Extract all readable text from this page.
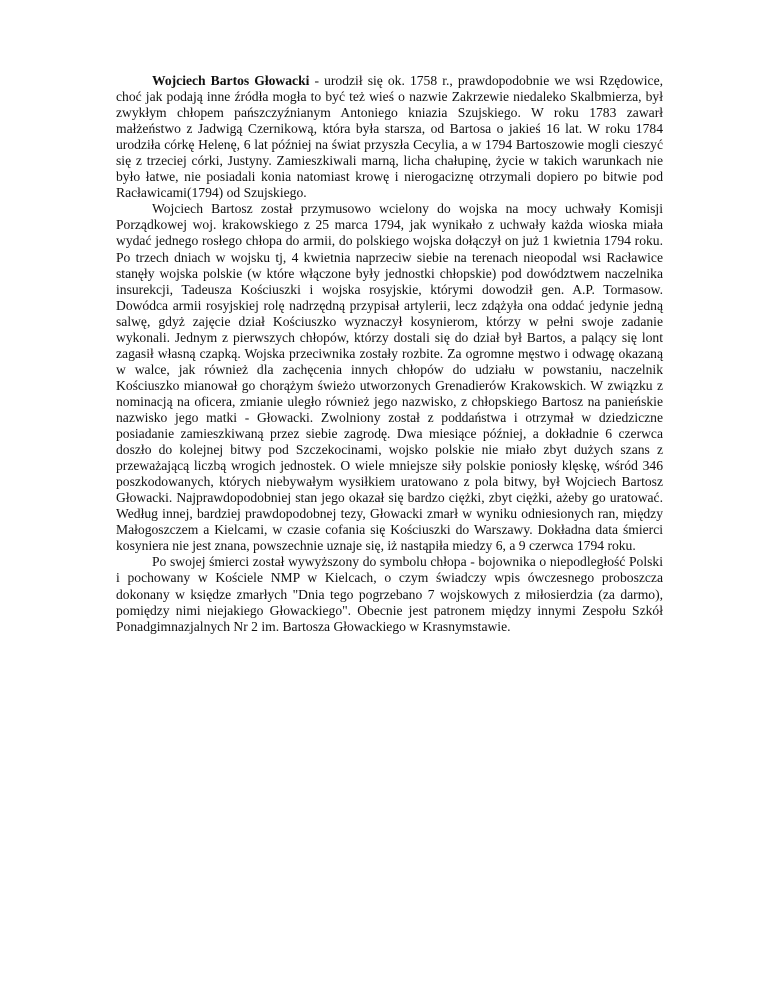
Wojciech Bartos Głowacki - urodził się ok. 1758 r., prawdopodobnie we wsi Rzędowice, choć jak podają inne źródła mogła to być też wieś o nazwie Zakrzewie niedaleko Skalbmierza, był zwykłym chłopem pańszczyźnianym Antoniego kniazia Szujskiego. W roku 1783 zawarł małżeństwo z Jadwigą Czernikową, która była starsza, od Bartosa o jakieś 16 lat. W roku 1784 urodziła córkę Helenę, 6 lat później na świat przyszła Cecylia, a w 1794 Bartoszowie mogli cieszyć się z trzeciej córki, Justyny. Zamieszkiwali marną, licha chałupinę, życie w takich warunkach nie było łatwe, nie posiadali konia natomiast krowę i nierogaciznę otrzymali dopiero po bitwie pod Racławicami(1794) od Szujskiego.

Wojciech Bartosz został przymusowo wcielony do wojska na mocy uchwały Komisji Porządkowej woj. krakowskiego z 25 marca 1794, jak wynikało z uchwały każda wioska miała wydać jednego rosłego chłopa do armii, do polskiego wojska dołączył on już 1 kwietnia 1794 roku. Po trzech dniach w wojsku tj, 4 kwietnia naprzeciw siebie na terenach nieopodal wsi Racławice stanęły wojska polskie (w które włączone były jednostki chłopskie) pod dowództwem naczelnika insurekcji, Tadeusza Kościuszki i wojska rosyjskie, którymi dowodził gen. A.P. Tormasow. Dowódca armii rosyjskiej rolę nadrzędną przypisał artylerii, lecz zdążyła ona oddać jedynie jedną salwę, gdyż zajęcie dział Kościuszko wyznaczył kosynierom, którzy w pełni swoje zadanie wykonali. Jednym z pierwszych chłopów, którzy dostali się do dział był Bartos, a palący się lont zagasił własną czapką. Wojska przeciwnika zostały rozbite. Za ogromne męstwo i odwagę okazaną w walce, jak również dla zachęcenia innych chłopów do udziału w powstaniu, naczelnik Kościuszko mianował go chorążym świeżo utworzonych Grenadierów Krakowskich. W związku z nominacją na oficera, zmianie uległo również jego nazwisko, z chłopskiego Bartosz na panieńskie nazwisko jego matki - Głowacki. Zwolniony został z poddaństwa i otrzymał w dziedziczne posiadanie zamieszkiwaną przez siebie zagrodę. Dwa miesiące później, a dokładnie 6 czerwca doszło do kolejnej bitwy pod Szczekocinami, wojsko polskie nie miało zbyt dużych szans z przeważającą liczbą wrogich jednostek. O wiele mniejsze siły polskie poniosły klęskę, wśród 346 poszkodowanych, których niebywałym wysiłkiem uratowano z pola bitwy, był Wojciech Bartosz Głowacki. Najprawdopodobniej stan jego okazał się bardzo ciężki, zbyt ciężki, ażeby go uratować. Według innej, bardziej prawdopodobnej tezy, Głowacki zmarł w wyniku odniesionych ran, między Małogoszczem a Kielcami, w czasie cofania się Kościuszki do Warszawy. Dokładna data śmierci kosyniera nie jest znana, powszechnie uznaje się, iż nastąpiła miedzy 6, a 9 czerwca 1794 roku.

Po swojej śmierci został wywyższony do symbolu chłopa - bojownika o niepodległość Polski i pochowany w Kościele NMP w Kielcach, o czym świadczy wpis ówczesnego proboszcza dokonany w księdze zmarłych "Dnia tego pogrzebano 7 wojskowych z miłosierdzia (za darmo), pomiędzy nimi niejakiego Głowackiego". Obecnie jest patronem między innymi Zespołu Szkół Ponadgimnazjalnych Nr 2 im. Bartosza Głowackiego w Krasnymstawie.
